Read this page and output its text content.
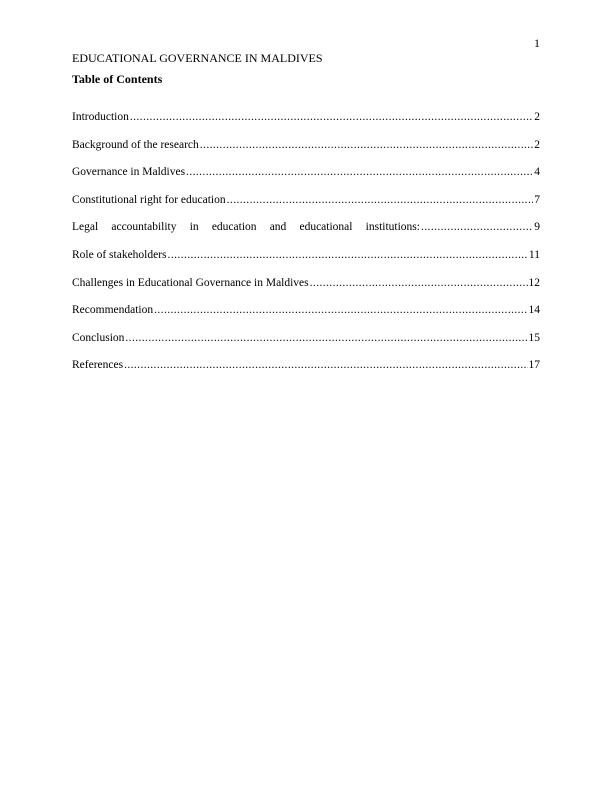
1
EDUCATIONAL GOVERNANCE IN MALDIVES
Table of Contents
Introduction .....	2
Background of the research .....	2
Governance in Maldives .....	4
Constitutional right for education .....	7
Legal accountability in education and educational institutions: .....	9
Role of stakeholders .....	11
Challenges in Educational Governance in Maldives .....	12
Recommendation .....	14
Conclusion .....	15
References .....	17
